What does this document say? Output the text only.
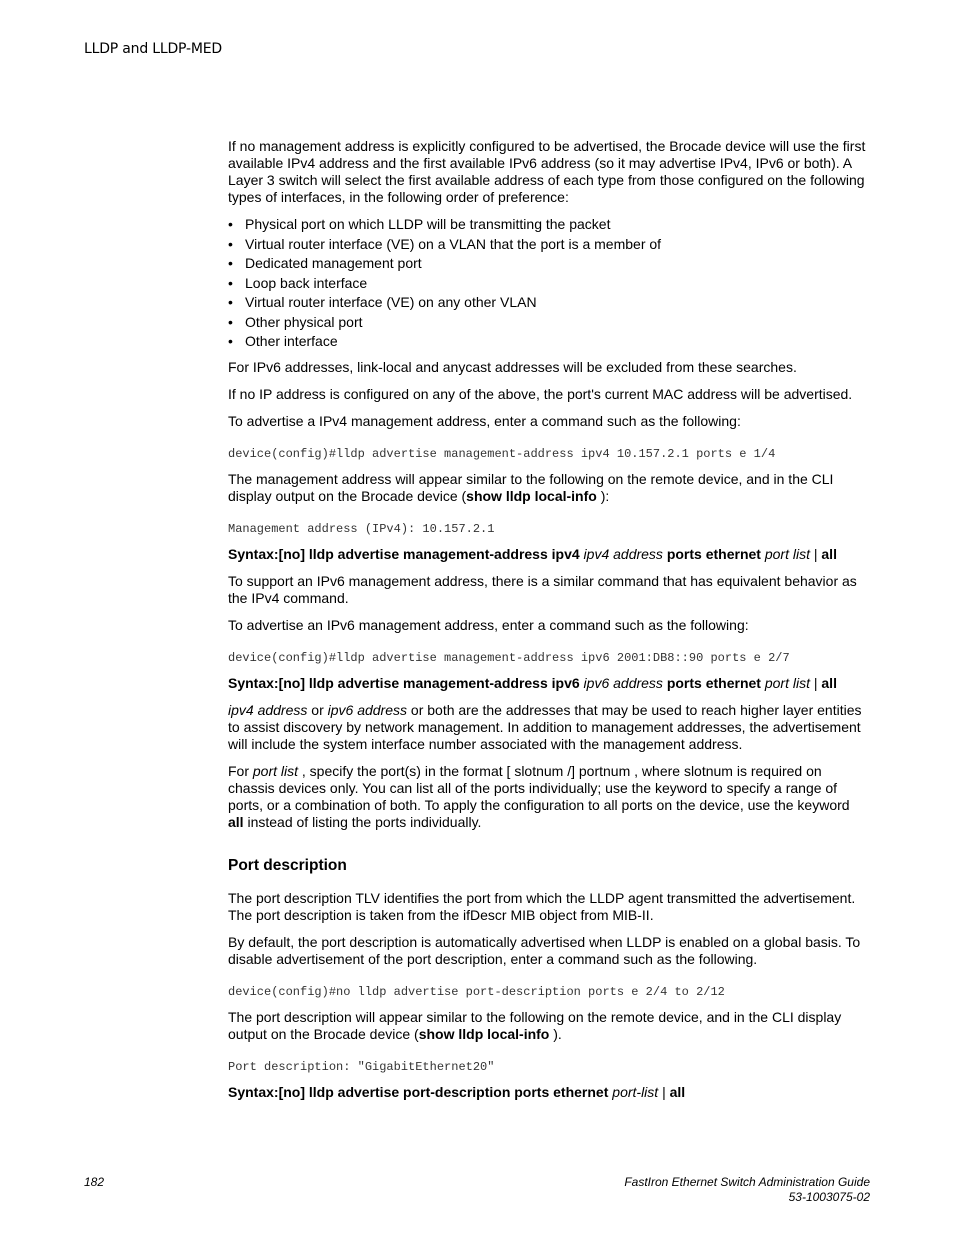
LLDP and LLDP-MED

If no management address is explicitly configured to be advertised, the Brocade device will use the first available IPv4 address and the first available IPv6 address (so it may advertise IPv4, IPv6 or both). A Layer 3 switch will select the first available address of each type from those configured on the following types of interfaces, in the following order of preference:

• Physical port on which LLDP will be transmitting the packet
• Virtual router interface (VE) on a VLAN that the port is a member of
• Dedicated management port
• Loop back interface
• Virtual router interface (VE) on any other VLAN
• Other physical port
• Other interface

For IPv6 addresses, link-local and anycast addresses will be excluded from these searches.

If no IP address is configured on any of the above, the port's current MAC address will be advertised.

To advertise a IPv4 management address, enter a command such as the following:

device(config)#lldp advertise management-address ipv4 10.157.2.1 ports e 1/4

The management address will appear similar to the following on the remote device, and in the CLI display output on the Brocade device (show lldp local-info ):

Management address (IPv4): 10.157.2.1

Syntax:[no] lldp advertise management-address ipv4 ipv4 address ports ethernet port list | all

To support an IPv6 management address, there is a similar command that has equivalent behavior as the IPv4 command.

To advertise an IPv6 management address, enter a command such as the following:

device(config)#lldp advertise management-address ipv6 2001:DB8::90 ports e 2/7

Syntax:[no] lldp advertise management-address ipv6 ipv6 address ports ethernet port list | all

ipv4 address or ipv6 address or both are the addresses that may be used to reach higher layer entities to assist discovery by network management. In addition to management addresses, the advertisement will include the system interface number associated with the management address.

For port list , specify the port(s) in the format [ slotnum /] portnum , where slotnum is required on chassis devices only. You can list all of the ports individually; use the keyword to specify a range of ports, or a combination of both. To apply the configuration to all ports on the device, use the keyword all instead of listing the ports individually.

Port description

The port description TLV identifies the port from which the LLDP agent transmitted the advertisement. The port description is taken from the ifDescr MIB object from MIB-II.

By default, the port description is automatically advertised when LLDP is enabled on a global basis. To disable advertisement of the port description, enter a command such as the following.

device(config)#no lldp advertise port-description ports e 2/4 to 2/12

The port description will appear similar to the following on the remote device, and in the CLI display output on the Brocade device (show lldp local-info ).

Port description: "GigabitEthernet20"

Syntax:[no] lldp advertise port-description ports ethernet port-list | all

182	FastIron Ethernet Switch Administration Guide
53-1003075-02
